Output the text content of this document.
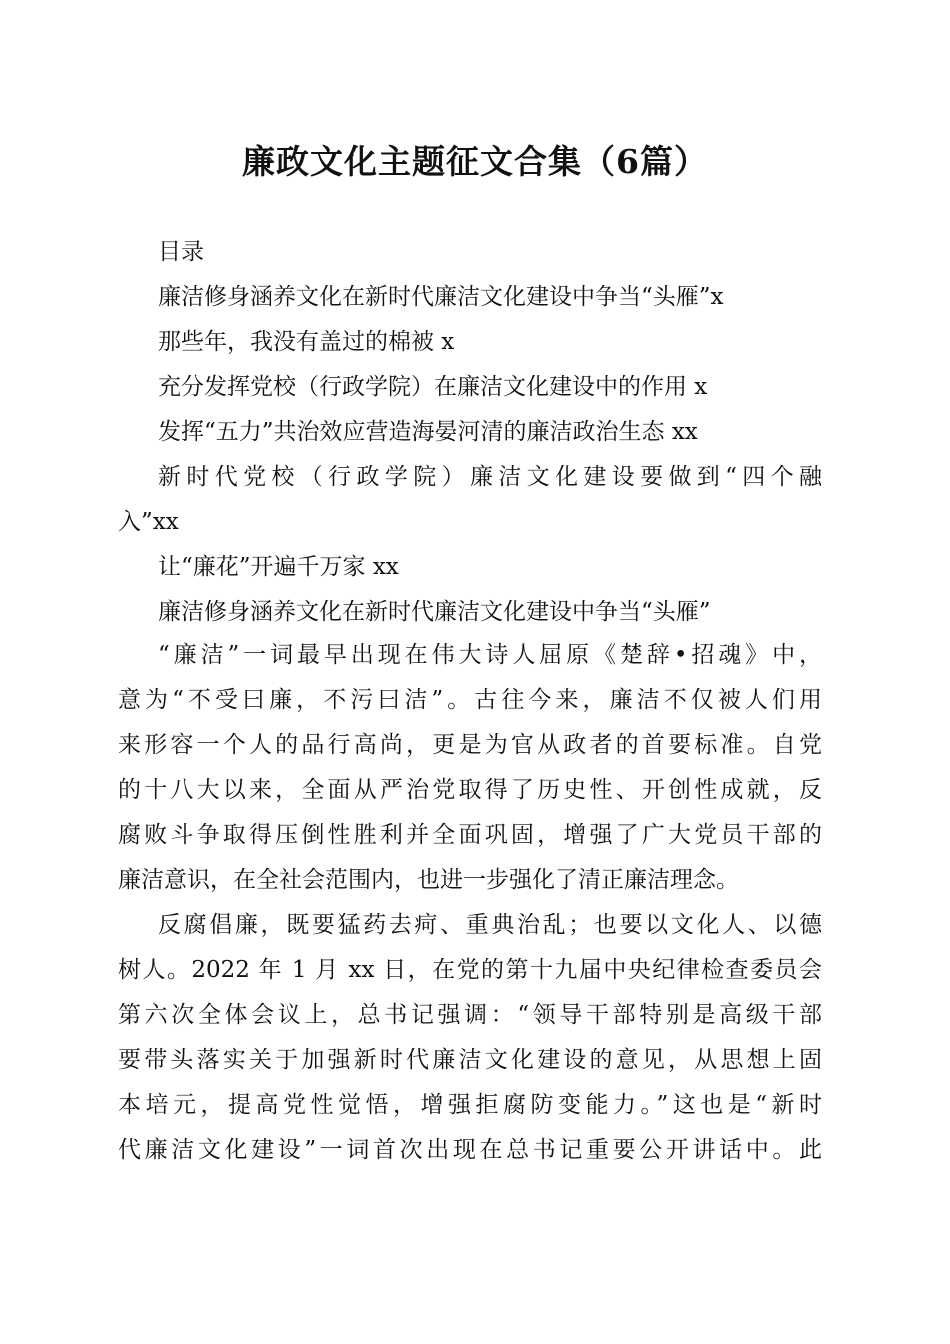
廉政文化主题征文合集（6篇）
目录
廉洁修身涵养文化在新时代廉洁文化建设中争当“头雁”x
那些年，我没有盖过的棉被 x
充分发挥党校（行政学院）在廉洁文化建设中的作用 x
发挥“五力”共治效应营造海晏河清的廉洁政治生态 xx
新时代党校（行政学院）廉洁文化建设要做到“四个融
入”xx
让“廉花”开遍千万家 xx
廉洁修身涵养文化在新时代廉洁文化建设中争当“头雁”
“廉洁”一词最早出现在伟大诗人屈原《楚辞•招魂》中，
意为“不受曰廉，不污曰洁”。古往今来，廉洁不仅被人们用
来形容一个人的品行高尚，更是为官从政者的首要标准。自党
的十八大以来，全面从严治党取得了历史性、开创性成就，反
腐败斗争取得压倒性胜利并全面巩固，增强了广大党员干部的
廉洁意识，在全社会范围内，也进一步强化了清正廉洁理念。
反腐倡廉，既要猛药去疴、重典治乱；也要以文化人、以德
树人。2022 年 1 月 xx 日，在党的第十九届中央纪律检查委员会
第六次全体会议上，总书记强调：“领导干部特别是高级干部
要带头落实关于加强新时代廉洁文化建设的意见，从思想上固
本培元，提高党性觉悟，增强拒腐防变能力。”这也是“新时
代廉洁文化建设”一词首次出现在总书记重要公开讲话中。此
